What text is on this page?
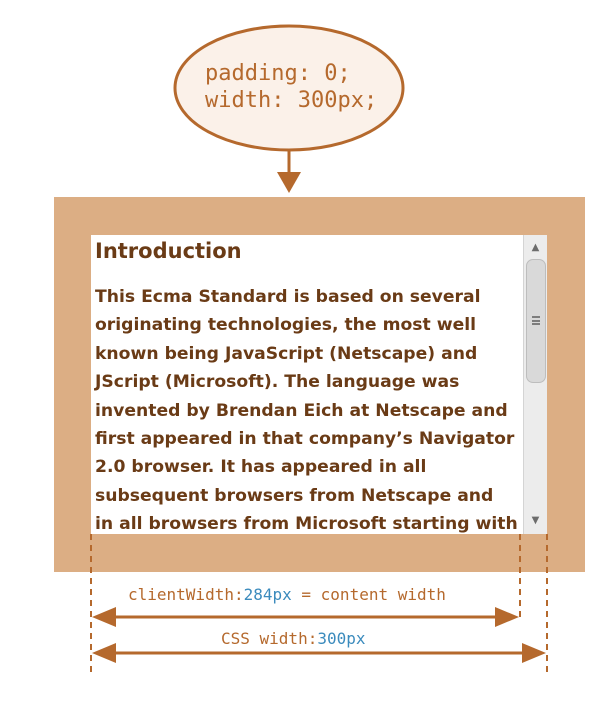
padding: 0;
width: 300px;
Introduction

This Ecma Standard is based on several
originating technologies, the most well
known being JavaScript (Netscape) and
JScript (Microsoft). The language was
invented by Brendan Eich at Netscape and
first appeared in that company’s Navigator
2.0 browser. It has appeared in all
subsequent browsers from Netscape and
in all browsers from Microsoft starting with

▲
▼
clientWidth:284px = content width
CSS width:300px
